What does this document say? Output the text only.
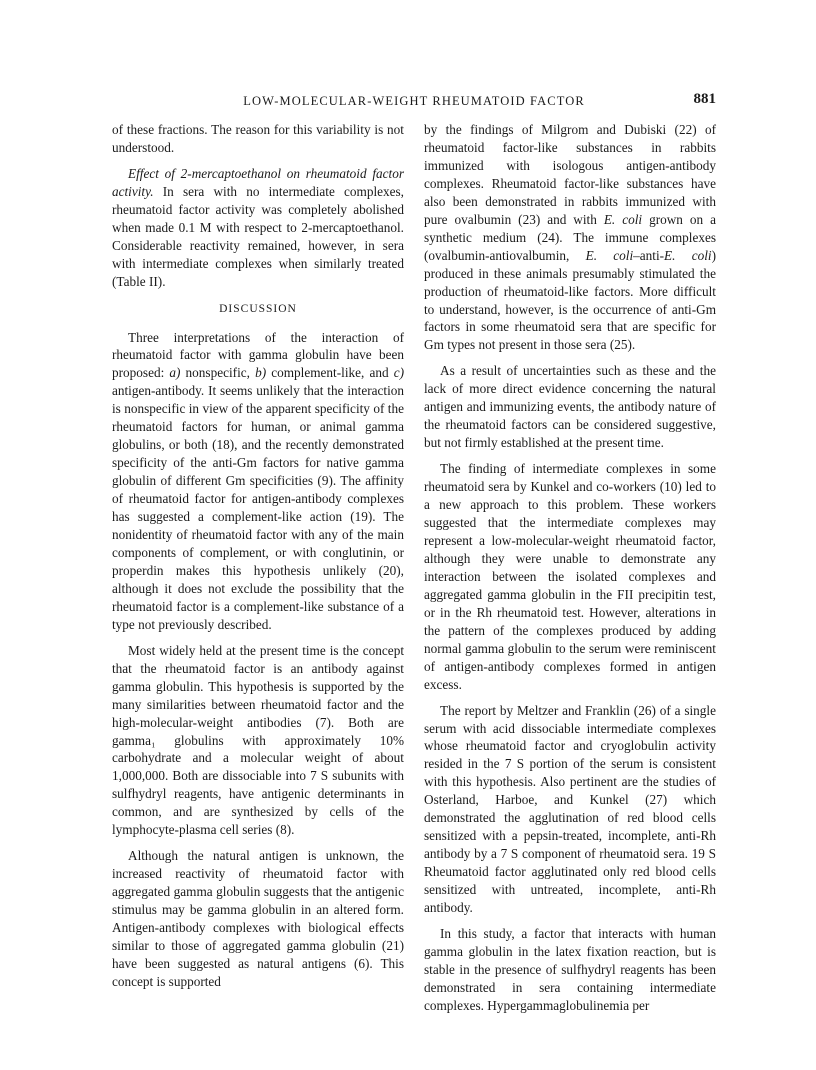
LOW-MOLECULAR-WEIGHT RHEUMATOID FACTOR	881

of these fractions. The reason for this variability is not understood.

Effect of 2-mercaptoethanol on rheumatoid factor activity. In sera with no intermediate complexes, rheumatoid factor activity was completely abolished when made 0.1 M with respect to 2-mercaptoethanol. Considerable reactivity remained, however, in sera with intermediate complexes when similarly treated (Table II).

DISCUSSION

Three interpretations of the interaction of rheumatoid factor with gamma globulin have been proposed: a) nonspecific, b) complement-like, and c) antigen-antibody. It seems unlikely that the interaction is nonspecific in view of the apparent specificity of the rheumatoid factors for human, or animal gamma globulins, or both (18), and the recently demonstrated specificity of the anti-Gm factors for native gamma globulin of different Gm specificities (9). The affinity of rheumatoid factor for antigen-antibody complexes has suggested a complement-like action (19). The nonidentity of rheumatoid factor with any of the main components of complement, or with conglutinin, or properdin makes this hypothesis unlikely (20), although it does not exclude the possibility that the rheumatoid factor is a complement-like substance of a type not previously described.

Most widely held at the present time is the concept that the rheumatoid factor is an antibody against gamma globulin. This hypothesis is supported by the many similarities between rheumatoid factor and the high-molecular-weight antibodies (7). Both are gamma₁ globulins with approximately 10% carbohydrate and a molecular weight of about 1,000,000. Both are dissociable into 7 S subunits with sulfhydryl reagents, have antigenic determinants in common, and are synthesized by cells of the lymphocyte-plasma cell series (8).

Although the natural antigen is unknown, the increased reactivity of rheumatoid factor with aggregated gamma globulin suggests that the antigenic stimulus may be gamma globulin in an altered form. Antigen-antibody complexes with biological effects similar to those of aggregated gamma globulin (21) have been suggested as natural antigens (6). This concept is supported

by the findings of Milgrom and Dubiski (22) of rheumatoid factor-like substances in rabbits immunized with isologous antigen-antibody complexes. Rheumatoid factor-like substances have also been demonstrated in rabbits immunized with pure ovalbumin (23) and with E. coli grown on a synthetic medium (24). The immune complexes (ovalbumin-antiovalbumin, E. coli–anti-E. coli) produced in these animals presumably stimulated the production of rheumatoid-like factors. More difficult to understand, however, is the occurrence of anti-Gm factors in some rheumatoid sera that are specific for Gm types not present in those sera (25).

As a result of uncertainties such as these and the lack of more direct evidence concerning the natural antigen and immunizing events, the antibody nature of the rheumatoid factors can be considered suggestive, but not firmly established at the present time.

The finding of intermediate complexes in some rheumatoid sera by Kunkel and co-workers (10) led to a new approach to this problem. These workers suggested that the intermediate complexes may represent a low-molecular-weight rheumatoid factor, although they were unable to demonstrate any interaction between the isolated complexes and aggregated gamma globulin in the FII precipitin test, or in the Rh rheumatoid test. However, alterations in the pattern of the complexes produced by adding normal gamma globulin to the serum were reminiscent of antigen-antibody complexes formed in antigen excess.

The report by Meltzer and Franklin (26) of a single serum with acid dissociable intermediate complexes whose rheumatoid factor and cryoglobulin activity resided in the 7 S portion of the serum is consistent with this hypothesis. Also pertinent are the studies of Osterland, Harboe, and Kunkel (27) which demonstrated the agglutination of red blood cells sensitized with a pepsin-treated, incomplete, anti-Rh antibody by a 7 S component of rheumatoid sera. 19 S Rheumatoid factor agglutinated only red blood cells sensitized with untreated, incomplete, anti-Rh antibody.

In this study, a factor that interacts with human gamma globulin in the latex fixation reaction, but is stable in the presence of sulfhydryl reagents has been demonstrated in sera containing intermediate complexes. Hypergammaglobulinemia per
